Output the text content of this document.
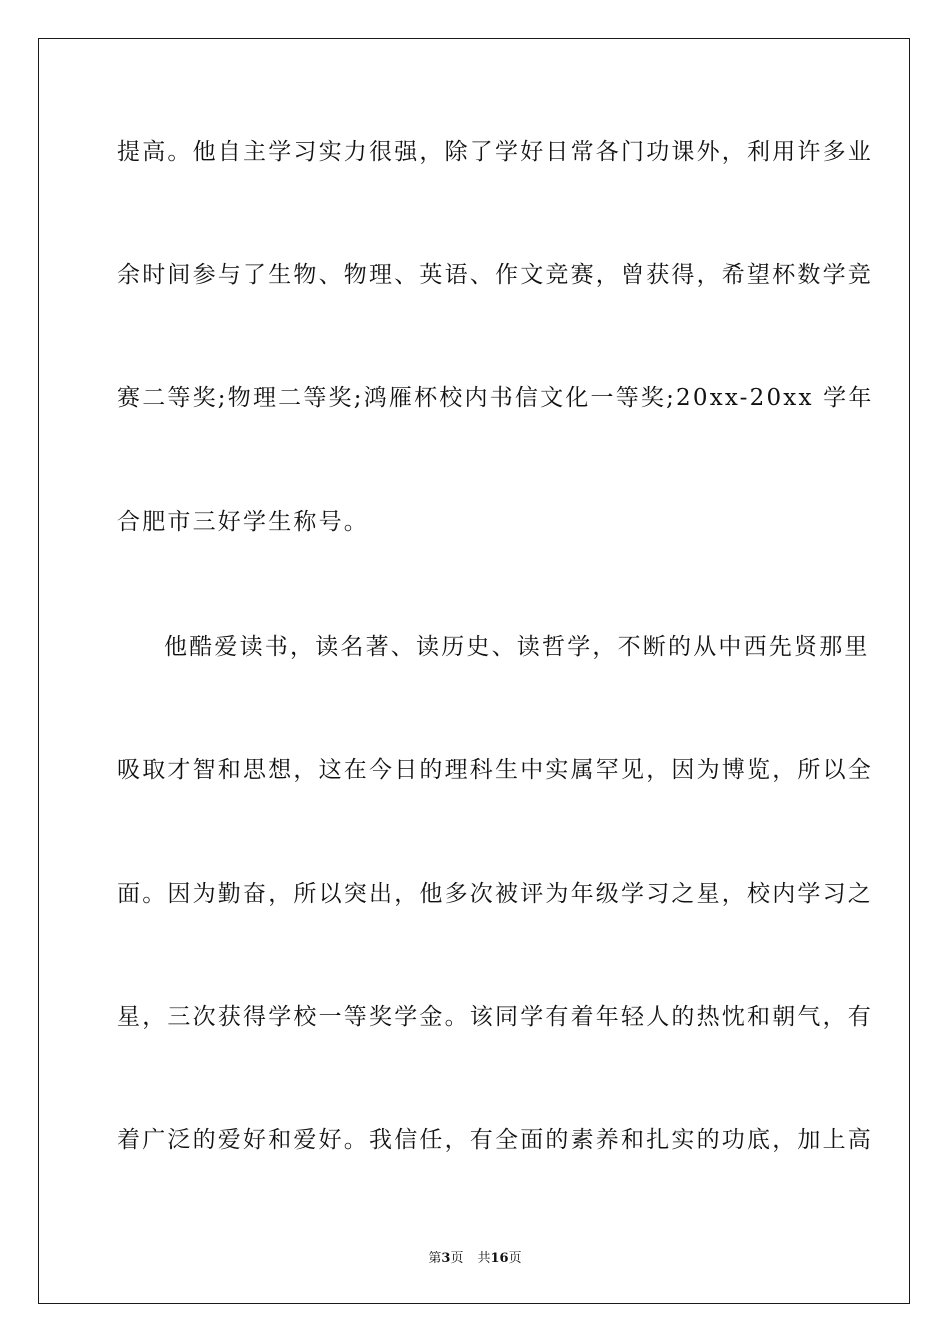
提高。他自主学习实力很强，除了学好日常各门功课外，利用许多业
余时间参与了生物、物理、英语、作文竞赛，曾获得，希望杯数学竞
赛二等奖;物理二等奖;鸿雁杯校内书信文化一等奖;20xx-20xx 学年
合肥市三好学生称号。
他酷爱读书，读名著、读历史、读哲学，不断的从中西先贤那里
吸取才智和思想，这在今日的理科生中实属罕见，因为博览，所以全
面。因为勤奋，所以突出，他多次被评为年级学习之星，校内学习之
星，三次获得学校一等奖学金。该同学有着年轻人的热忱和朝气，有
着广泛的爱好和爱好。我信任，有全面的素养和扎实的功底，加上高
第3页 共16页
